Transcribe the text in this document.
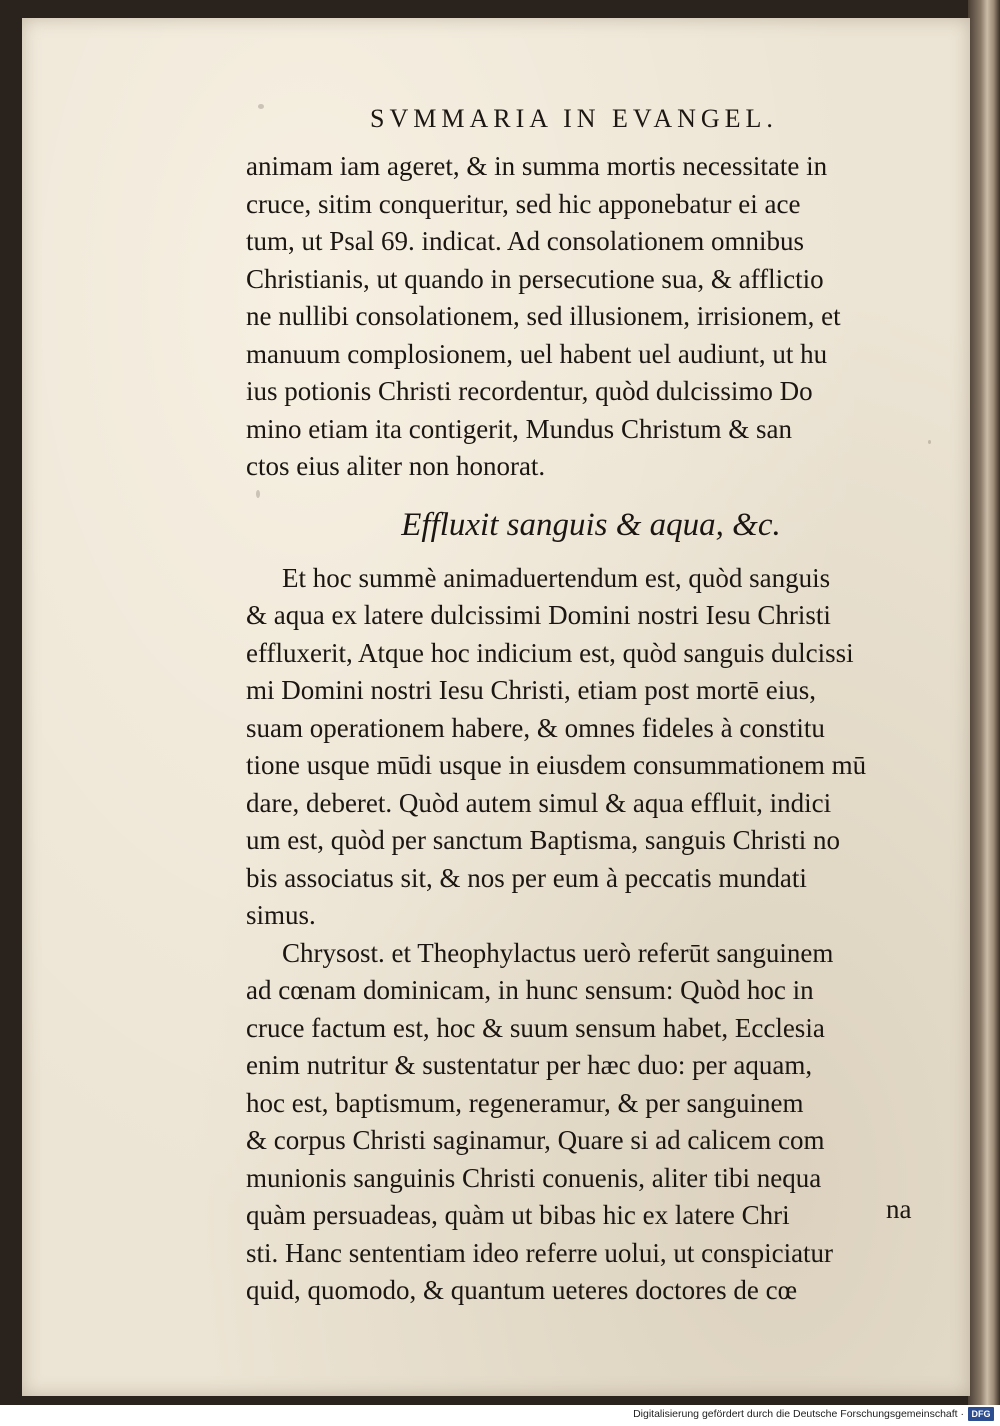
SVMMARIA IN EVANGEL.
animam iam ageret, & in summa mortis necessitate in
cruce, sitim conqueritur, sed hic apponebatur ei ace
tum, ut Psal 69. indicat. Ad consolationem omnibus
Christianis, ut quando in persecutione sua, & afflictio
ne nullibi consolationem, sed illusionem, irrisionem, et
manuum complosionem, uel habent uel audiunt, ut hu
ius potionis Christi recordentur, quòd dulcissimo Do
mino etiam ita contigerit, Mundus Christum & san
ctos eius aliter non honorat.
Effluxit sanguis & aqua, &c.
Et hoc summè animaduertendum est, quòd sanguis
& aqua ex latere dulcissimi Domini nostri Iesu Christi
effluxerit, Atque hoc indicium est, quòd sanguis dulcissi
mi Domini nostri Iesu Christi, etiam post mortē eius,
suam operationem habere, & omnes fideles à constitu
tione usque mūdi usque in eiusdem consummationem mū
dare, deberet. Quòd autem simul & aqua effluit, indici
um est, quòd per sanctum Baptisma, sanguis Christi no
bis associatus sit, & nos per eum à peccatis mundati
simus.
Chrysost. et Theophylactus uerò referūt sanguinem
ad cœnam dominicam, in hunc sensum: Quòd hoc in
cruce factum est, hoc & suum sensum habet, Ecclesia
enim nutritur & sustentatur per hæc duo: per aquam,
hoc est, baptismum, regeneramur, & per sanguinem
& corpus Christi saginamur, Quare si ad calicem com
munionis sanguinis Christi conuenis, aliter tibi nequa
quàm persuadeas, quàm ut bibas hic ex latere Chri
sti. Hanc sententiam ideo referre uolui, ut conspiciatur
quid, quomodo, & quantum ueteres doctores de cœ
na
Digitalisierung gefördert durch die Deutsche Forschungsgemeinschaft · DFG
